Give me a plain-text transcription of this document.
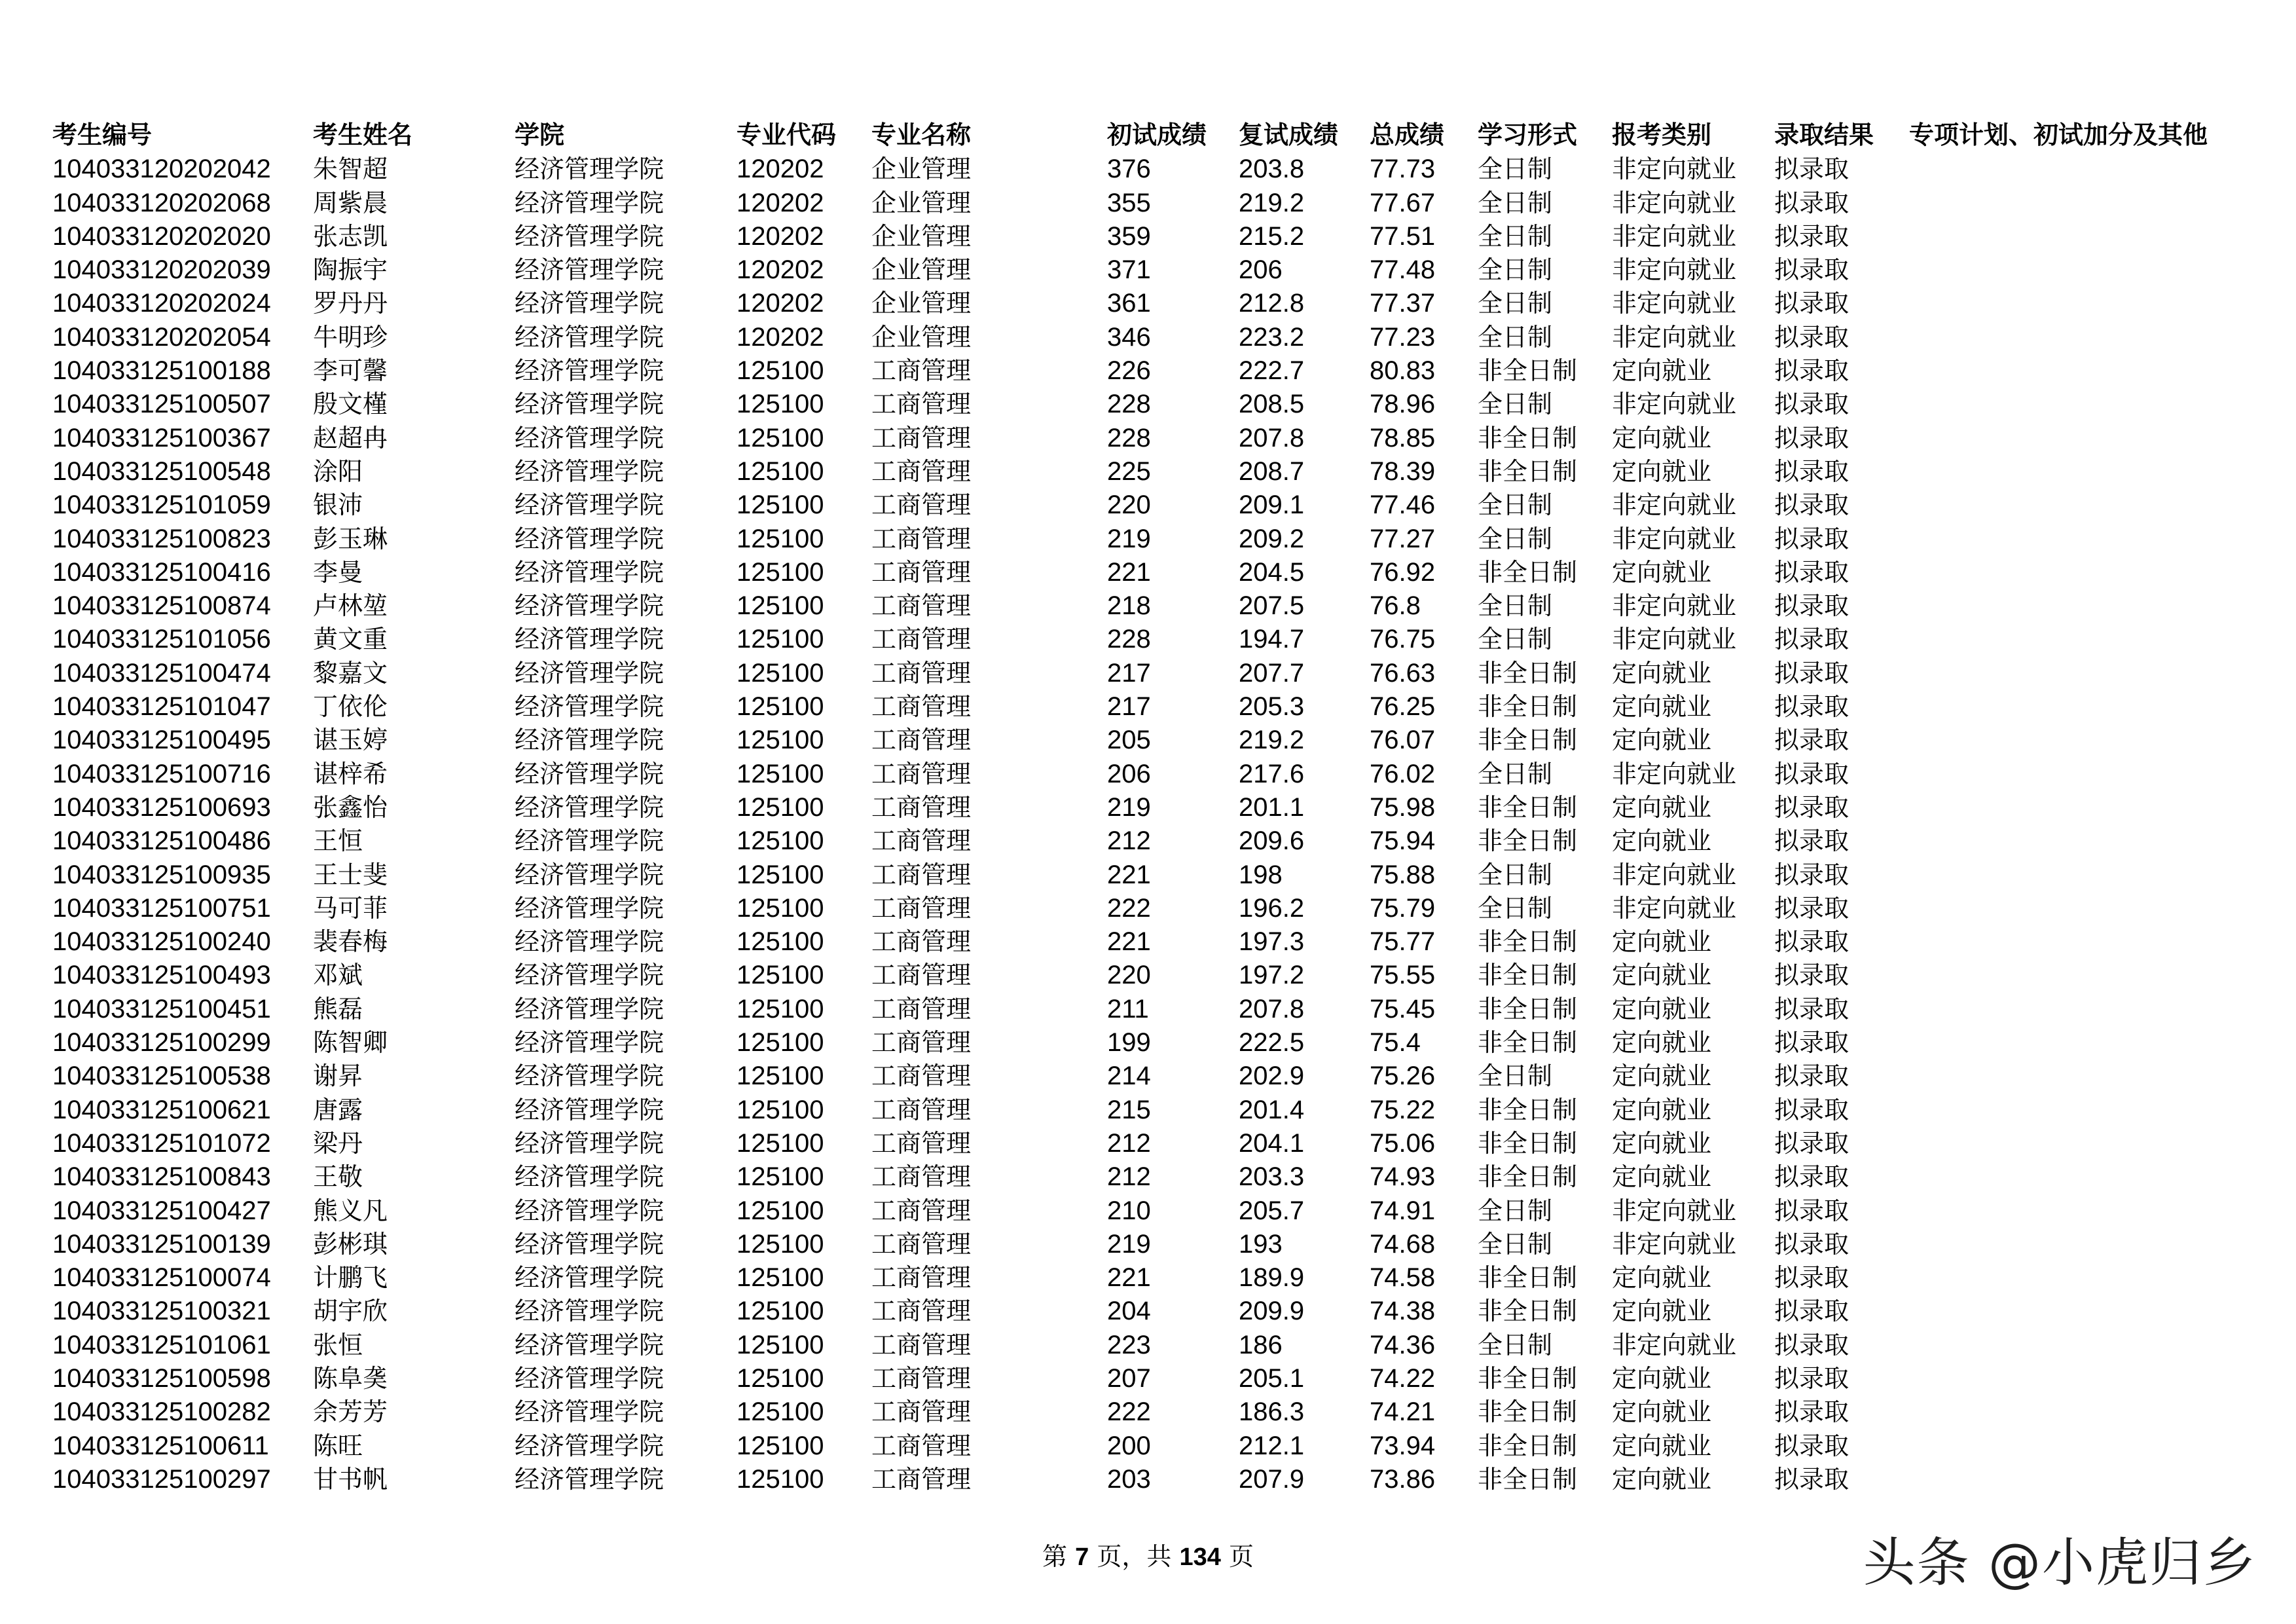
考生编号	考生姓名	学院	专业代码	专业名称	初试成绩	复试成绩	总成绩	学习形式	报考类别	录取结果	专项计划、初试加分及其他
104033120202042	朱智超	经济管理学院	120202	企业管理	376	203.8	77.73	全日制	非定向就业	拟录取	
104033120202068	周紫晨	经济管理学院	120202	企业管理	355	219.2	77.67	全日制	非定向就业	拟录取	
104033120202020	张志凯	经济管理学院	120202	企业管理	359	215.2	77.51	全日制	非定向就业	拟录取	
104033120202039	陶振宇	经济管理学院	120202	企业管理	371	206	77.48	全日制	非定向就业	拟录取	
104033120202024	罗丹丹	经济管理学院	120202	企业管理	361	212.8	77.37	全日制	非定向就业	拟录取	
104033120202054	牛明珍	经济管理学院	120202	企业管理	346	223.2	77.23	全日制	非定向就业	拟录取	
104033125100188	李可馨	经济管理学院	125100	工商管理	226	222.7	80.83	非全日制	定向就业	拟录取	
104033125100507	殷文槿	经济管理学院	125100	工商管理	228	208.5	78.96	全日制	非定向就业	拟录取	
104033125100367	赵超冉	经济管理学院	125100	工商管理	228	207.8	78.85	非全日制	定向就业	拟录取	
104033125100548	涂阳	经济管理学院	125100	工商管理	225	208.7	78.39	非全日制	定向就业	拟录取	
104033125101059	银沛	经济管理学院	125100	工商管理	220	209.1	77.46	全日制	非定向就业	拟录取	
104033125100823	彭玉琳	经济管理学院	125100	工商管理	219	209.2	77.27	全日制	非定向就业	拟录取	
104033125100416	李曼	经济管理学院	125100	工商管理	221	204.5	76.92	非全日制	定向就业	拟录取	
104033125100874	卢林堃	经济管理学院	125100	工商管理	218	207.5	76.8	全日制	非定向就业	拟录取	
104033125101056	黄文重	经济管理学院	125100	工商管理	228	194.7	76.75	全日制	非定向就业	拟录取	
104033125100474	黎嘉文	经济管理学院	125100	工商管理	217	207.7	76.63	非全日制	定向就业	拟录取	
104033125101047	丁依伦	经济管理学院	125100	工商管理	217	205.3	76.25	非全日制	定向就业	拟录取	
104033125100495	谌玉婷	经济管理学院	125100	工商管理	205	219.2	76.07	非全日制	定向就业	拟录取	
104033125100716	谌梓希	经济管理学院	125100	工商管理	206	217.6	76.02	全日制	非定向就业	拟录取	
104033125100693	张鑫怡	经济管理学院	125100	工商管理	219	201.1	75.98	非全日制	定向就业	拟录取	
104033125100486	王恒	经济管理学院	125100	工商管理	212	209.6	75.94	非全日制	定向就业	拟录取	
104033125100935	王士斐	经济管理学院	125100	工商管理	221	198	75.88	全日制	非定向就业	拟录取	
104033125100751	马可菲	经济管理学院	125100	工商管理	222	196.2	75.79	全日制	非定向就业	拟录取	
104033125100240	裴春梅	经济管理学院	125100	工商管理	221	197.3	75.77	非全日制	定向就业	拟录取	
104033125100493	邓斌	经济管理学院	125100	工商管理	220	197.2	75.55	非全日制	定向就业	拟录取	
104033125100451	熊磊	经济管理学院	125100	工商管理	211	207.8	75.45	非全日制	定向就业	拟录取	
104033125100299	陈智卿	经济管理学院	125100	工商管理	199	222.5	75.4	非全日制	定向就业	拟录取	
104033125100538	谢昇	经济管理学院	125100	工商管理	214	202.9	75.26	全日制	定向就业	拟录取	
104033125100621	唐露	经济管理学院	125100	工商管理	215	201.4	75.22	非全日制	定向就业	拟录取	
104033125101072	梁丹	经济管理学院	125100	工商管理	212	204.1	75.06	非全日制	定向就业	拟录取	
104033125100843	王敬	经济管理学院	125100	工商管理	212	203.3	74.93	非全日制	定向就业	拟录取	
104033125100427	熊义凡	经济管理学院	125100	工商管理	210	205.7	74.91	全日制	非定向就业	拟录取	
104033125100139	彭彬琪	经济管理学院	125100	工商管理	219	193	74.68	全日制	非定向就业	拟录取	
104033125100074	计鹏飞	经济管理学院	125100	工商管理	221	189.9	74.58	非全日制	定向就业	拟录取	
104033125100321	胡宇欣	经济管理学院	125100	工商管理	204	209.9	74.38	非全日制	定向就业	拟录取	
104033125101061	张恒	经济管理学院	125100	工商管理	223	186	74.36	全日制	非定向就业	拟录取	
104033125100598	陈阜䶮	经济管理学院	125100	工商管理	207	205.1	74.22	非全日制	定向就业	拟录取	
104033125100282	余芳芳	经济管理学院	125100	工商管理	222	186.3	74.21	非全日制	定向就业	拟录取	
104033125100611	陈旺	经济管理学院	125100	工商管理	200	212.1	73.94	非全日制	定向就业	拟录取	
104033125100297	甘书帆	经济管理学院	125100	工商管理	203	207.9	73.86	非全日制	定向就业	拟录取	
第 7 页，共 134 页	头条 @小虎归乡
